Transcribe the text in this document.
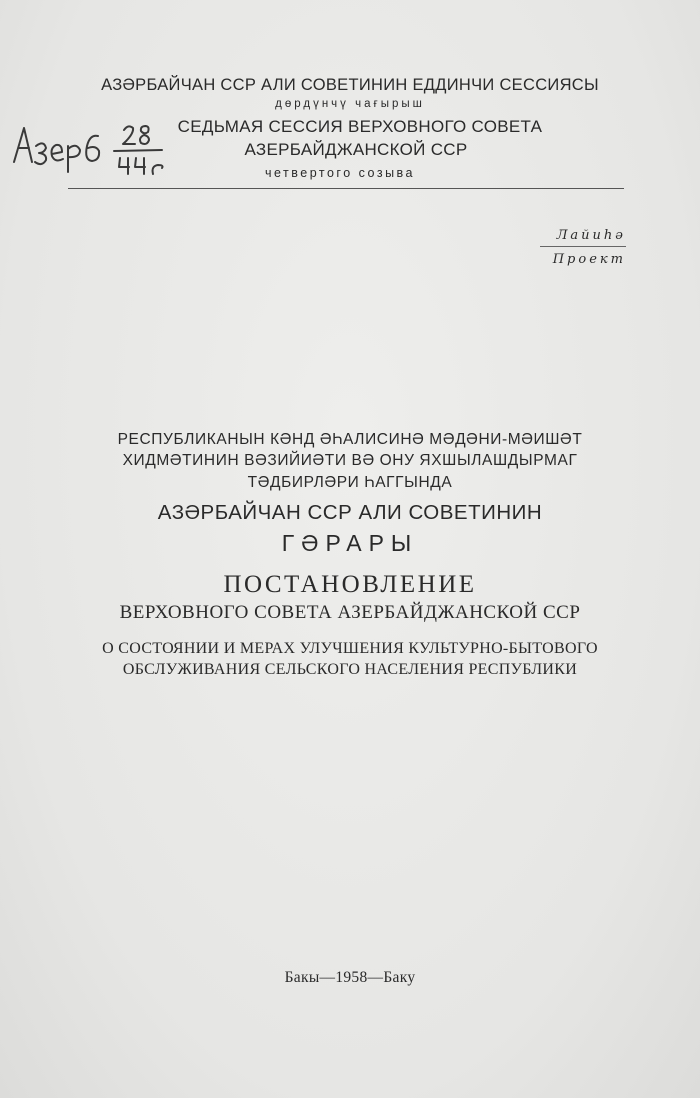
АЗӘРБАЙЧАН ССР АЛИ СОВЕТИНИН ЕДДИНЧИ СЕССИЯСЫ
дөрдүнчү чағырыш
СЕДЬМАЯ СЕССИЯ ВЕРХОВНОГО СОВЕТА
АЗЕРБАЙДЖАНСКОЙ ССР
четвертого созыва
Лайиһә
Проект
РЕСПУБЛИКАНЫН КӘНД ӘҺАЛИСИНӘ МӘДӘНИ-МӘИШӘТ
ХИДМӘТИНИН ВӘЗИЙИӘТИ ВӘ ОНУ ЯХШЫЛАШДЫРМАГ
ТӘДБИРЛӘРИ ҺАГГЫНДА
АЗӘРБАЙЧАН ССР АЛИ СОВЕТИНИН
ГӘРАРЫ
ПОСТАНОВЛЕНИЕ
ВЕРХОВНОГО СОВЕТА АЗЕРБАЙДЖАНСКОЙ ССР
О СОСТОЯНИИ И МЕРАХ УЛУЧШЕНИЯ КУЛЬТУРНО-БЫТОВОГО
ОБСЛУЖИВАНИЯ СЕЛЬСКОГО НАСЕЛЕНИЯ РЕСПУБЛИКИ
Бакы—1958—Баку
